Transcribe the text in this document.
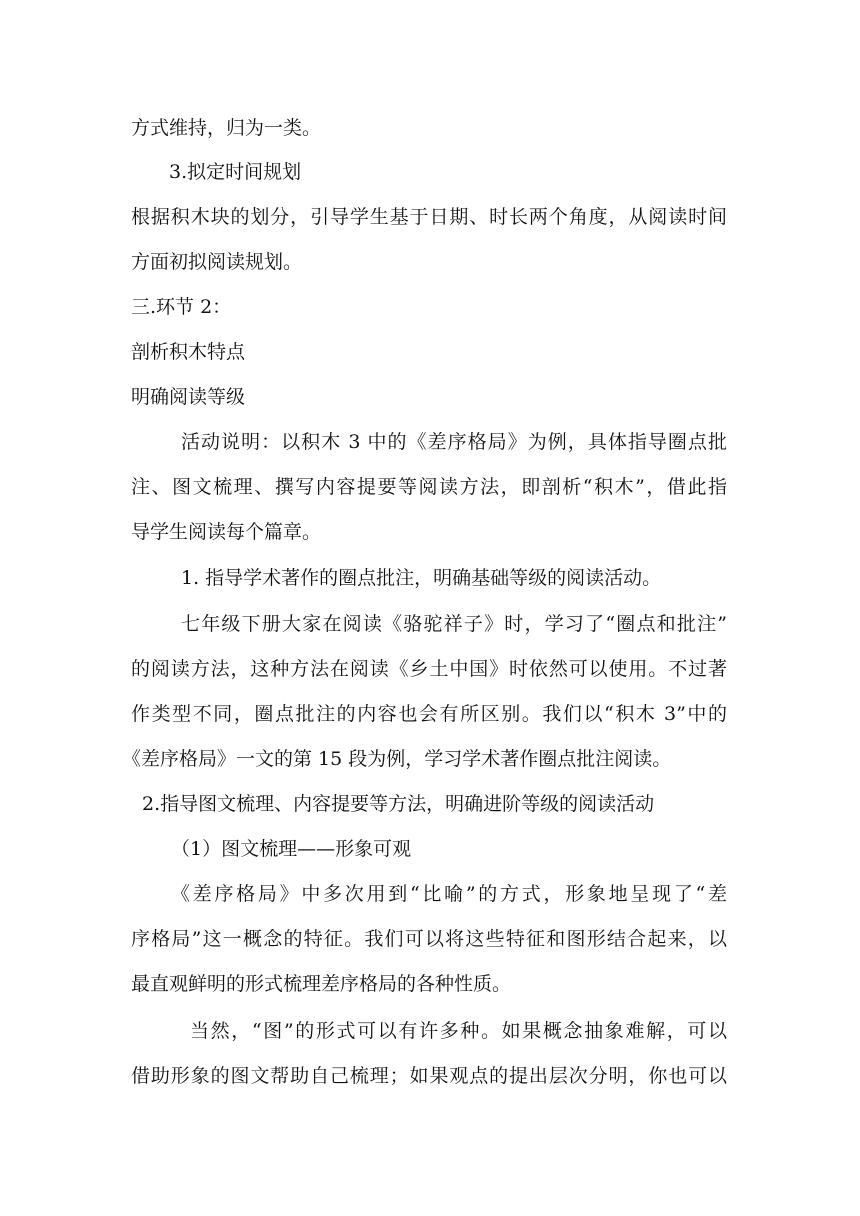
方式维持，归为一类。
3.拟定时间规划
根据积木块的划分，引导学生基于日期、时长两个角度，从阅读时间
方面初拟阅读规划。
三.环节 2：
剖析积木特点
明确阅读等级
活动说明：以积木 3 中的《差序格局》为例，具体指导圈点批
注、图文梳理、撰写内容提要等阅读方法，即剖析“积木”，借此指
导学生阅读每个篇章。
1. 指导学术著作的圈点批注，明确基础等级的阅读活动。
七年级下册大家在阅读《骆驼祥子》时，学习了“圈点和批注”
的阅读方法，这种方法在阅读《乡土中国》时依然可以使用。不过著
作类型不同，圈点批注的内容也会有所区别。我们以“积木 3”中的
《差序格局》一文的第 15 段为例，学习学术著作圈点批注阅读。
2.指导图文梳理、内容提要等方法，明确进阶等级的阅读活动
（1）图文梳理——形象可观
《差序格局》中多次用到“比喻”的方式，形象地呈现了“差
序格局”这一概念的特征。我们可以将这些特征和图形结合起来，以
最直观鲜明的形式梳理差序格局的各种性质。
当然，“图”的形式可以有许多种。如果概念抽象难解，可以
借助形象的图文帮助自己梳理；如果观点的提出层次分明，你也可以
